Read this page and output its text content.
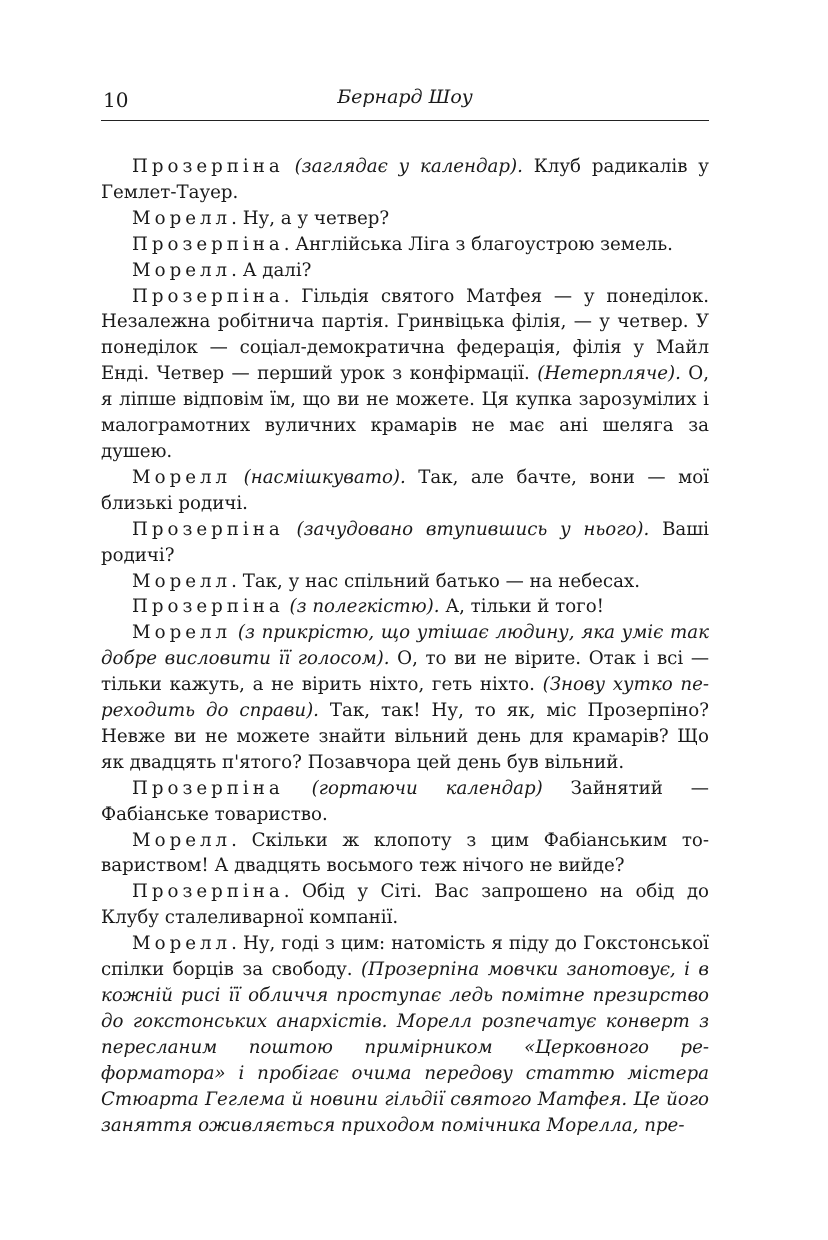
10	Бернард Шоу

Прозерпіна (заглядає у календар). Клуб радикалів у Гемлет-Тауер.

Морелл. Ну, а у четвер?

Прозерпіна. Англійська Ліга з благоустрою земель.

Морелл. А далі?

Прозерпіна. Гільдія святого Матфея — у понеділок. Незалежна робітнича партія. Гринвіцька філія, — у четвер. У понеділок — соціал-демократична федерація, філія у Майл Енді. Четвер — перший урок з конфірмації. (Нетерпляче). О, я ліпше відповім їм, що ви не можете. Ця купка зарозумілих і малограмотних вуличних крамарів не має ані шеляга за душею.

Морелл (насмішкувато). Так, але бачте, вони — мої близькі родичі.

Прозерпіна (зачудовано втупившись у нього). Ваші родичі?

Морелл. Так, у нас спільний батько — на небесах.

Прозерпіна (з полегкістю). А, тільки й того!

Морелл (з прикрістю, що утішає людину, яка уміє так добре висловити її голосом). О, то ви не вірите. Отак і всі — тільки кажуть, а не вірить ніхто, геть ніхто. (Знову хутко переходить до справи). Так, так! Ну, то як, міс Прозерпіно? Невже ви не можете знайти вільний день для крамарів? Що як двадцять п'ятого? Позавчора цей день був вільний.

Прозерпіна (гортаючи календар) Зайнятий — Фабіанське товариство.

Морелл. Скільки ж клопоту з цим Фабіанським товариством! А двадцять восьмого теж нічого не вийде?

Прозерпіна. Обід у Сіті. Вас запрошено на обід до Клубу сталеливарної компанії.

Морелл. Ну, годі з цим: натомість я піду до Гокстонської спілки борців за свободу. (Прозерпіна мовчки занотовує, і в кожній рисі її обличчя проступає ледь помітне презирство до гокстонських анархістів. Морелл розпечатує конверт з пересланим поштою примірником «Церковного реформатора» і пробігає очима передову статтю містера Стюарта Геглема й новини гільдії святого Матфея. Це його заняття оживляється приходом помічника Морелла, пре-
